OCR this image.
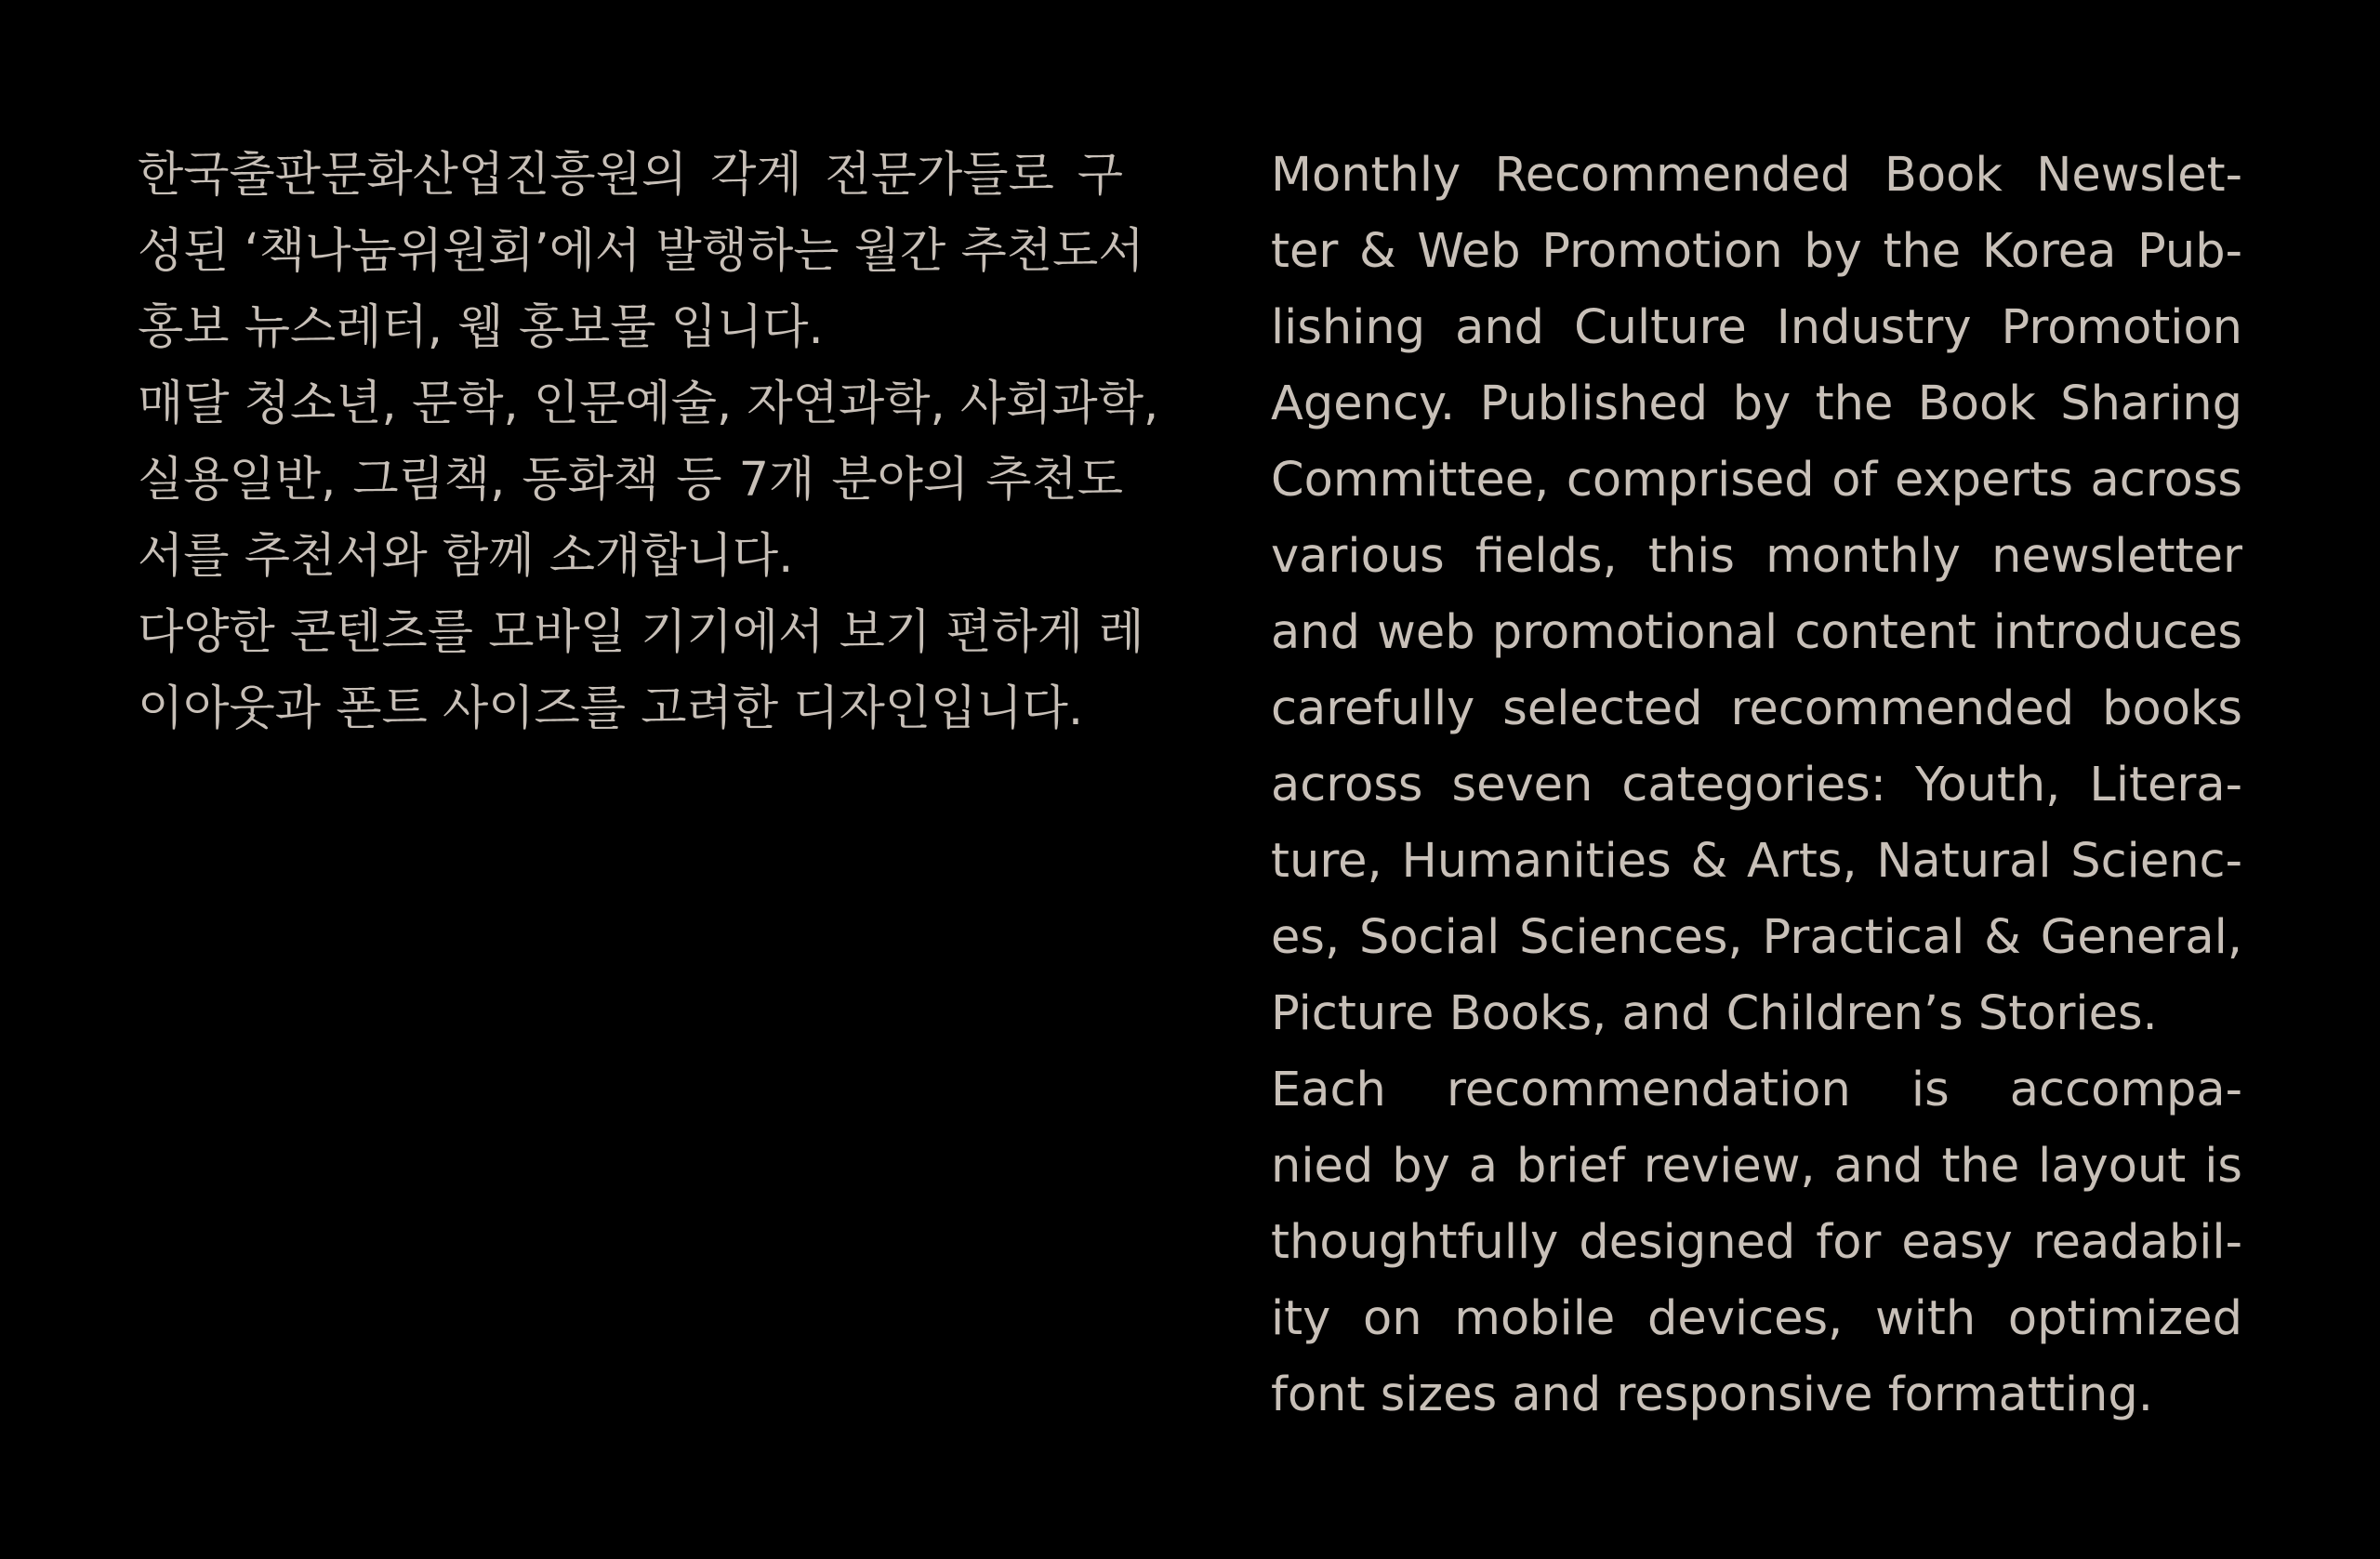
한국출판문화산업진흥원의 각계 전문가들로 구
성된 ‘책나눔위원회’에서 발행하는 월간 추천도서
홍보 뉴스레터, 웹 홍보물 입니다.
매달 청소년, 문학, 인문예술, 자연과학, 사회과학,
실용일반, 그림책, 동화책 등 7개 분야의 추천도
서를 추천서와 함께 소개합니다.
다양한 콘텐츠를 모바일 기기에서 보기 편하게 레
이아웃과 폰트 사이즈를 고려한 디자인입니다.
Monthly Recommended Book Newslet-
ter & Web Promotion by the Korea Pub-
lishing and Culture Industry Promotion
Agency. Published by the Book Sharing
Committee, comprised of experts across
various fields, this monthly newsletter
and web promotional content introduces
carefully selected recommended books
across seven categories: Youth, Litera-
ture, Humanities & Arts, Natural Scienc-
es, Social Sciences, Practical & General,
Picture Books, and Children’s Stories.
Each recommendation is accompa-
nied by a brief review, and the layout is
thoughtfully designed for easy readabil-
ity on mobile devices, with optimized
font sizes and responsive formatting.
